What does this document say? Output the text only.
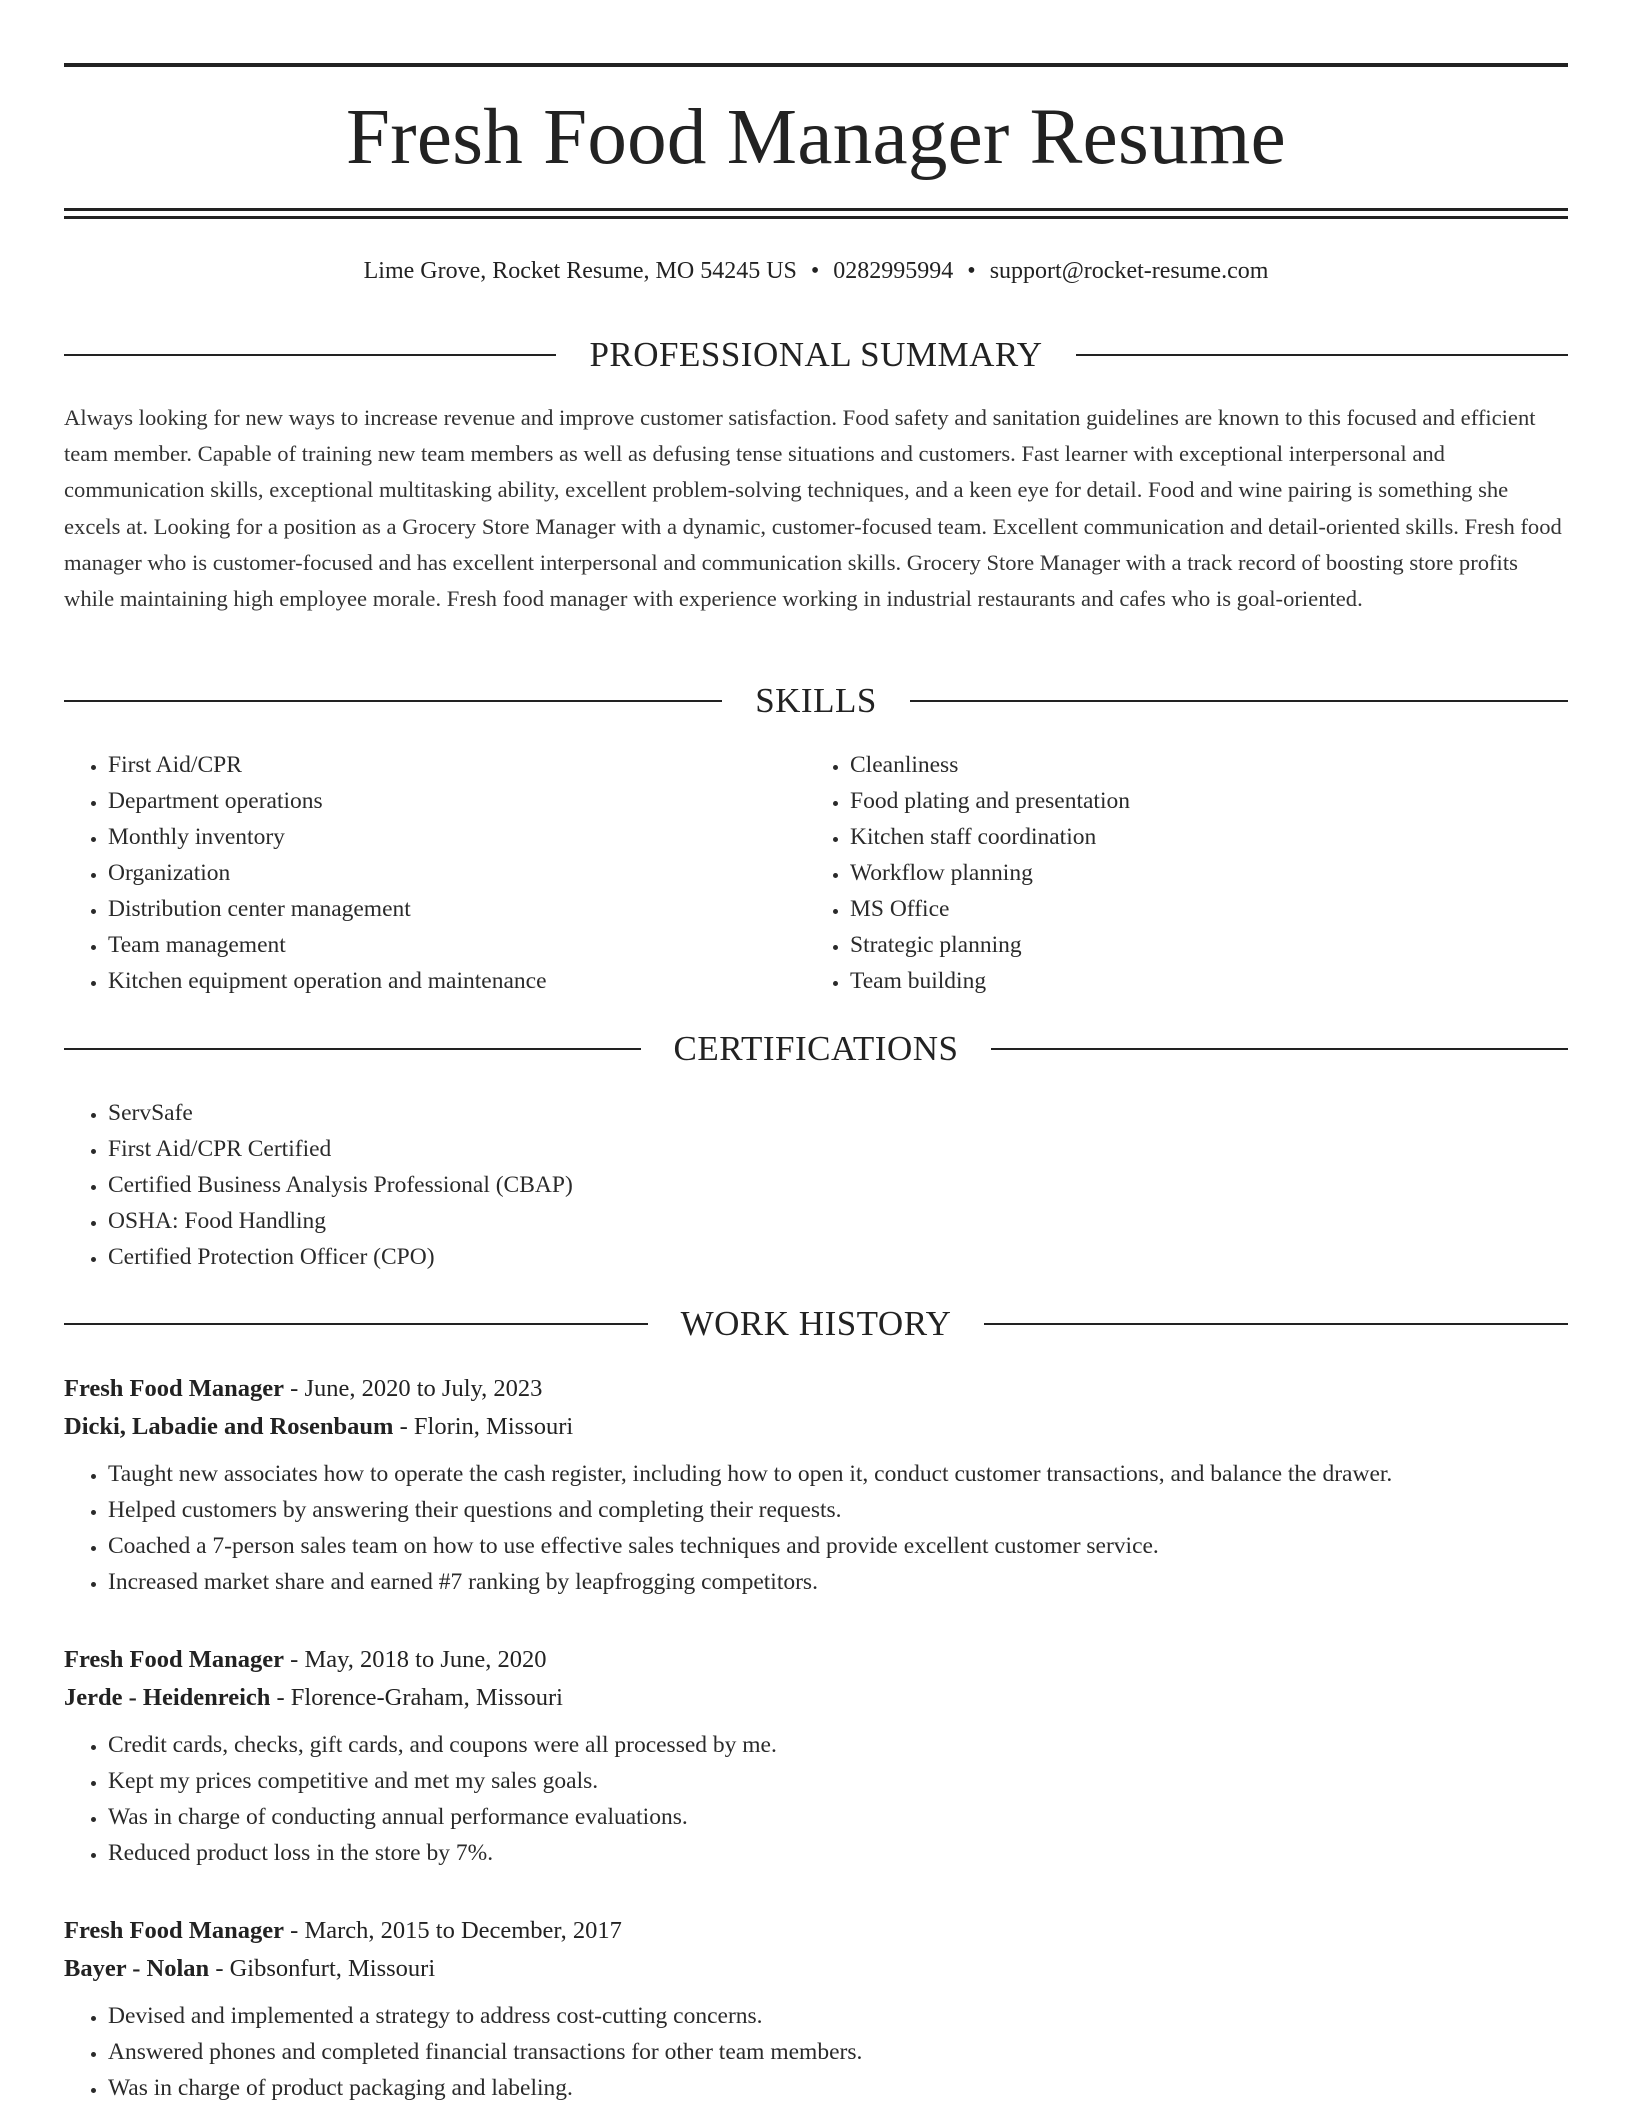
Fresh Food Manager Resume
Lime Grove, Rocket Resume, MO 54245 US • 0282995994 • support@rocket-resume.com
PROFESSIONAL SUMMARY
Always looking for new ways to increase revenue and improve customer satisfaction. Food safety and sanitation guidelines are known to this focused and efficient team member. Capable of training new team members as well as defusing tense situations and customers. Fast learner with exceptional interpersonal and communication skills, exceptional multitasking ability, excellent problem-solving techniques, and a keen eye for detail. Food and wine pairing is something she excels at. Looking for a position as a Grocery Store Manager with a dynamic, customer-focused team. Excellent communication and detail-oriented skills. Fresh food manager who is customer-focused and has excellent interpersonal and communication skills. Grocery Store Manager with a track record of boosting store profits while maintaining high employee morale. Fresh food manager with experience working in industrial restaurants and cafes who is goal-oriented.
SKILLS
• First Aid/CPR
• Department operations
• Monthly inventory
• Organization
• Distribution center management
• Team management
• Kitchen equipment operation and maintenance
• Cleanliness
• Food plating and presentation
• Kitchen staff coordination
• Workflow planning
• MS Office
• Strategic planning
• Team building
CERTIFICATIONS
• ServSafe
• First Aid/CPR Certified
• Certified Business Analysis Professional (CBAP)
• OSHA: Food Handling
• Certified Protection Officer (CPO)
WORK HISTORY
Fresh Food Manager - June, 2020 to July, 2023
Dicki, Labadie and Rosenbaum - Florin, Missouri
• Taught new associates how to operate the cash register, including how to open it, conduct customer transactions, and balance the drawer.
• Helped customers by answering their questions and completing their requests.
• Coached a 7-person sales team on how to use effective sales techniques and provide excellent customer service.
• Increased market share and earned #7 ranking by leapfrogging competitors.
Fresh Food Manager - May, 2018 to June, 2020
Jerde - Heidenreich - Florence-Graham, Missouri
• Credit cards, checks, gift cards, and coupons were all processed by me.
• Kept my prices competitive and met my sales goals.
• Was in charge of conducting annual performance evaluations.
• Reduced product loss in the store by 7%.
Fresh Food Manager - March, 2015 to December, 2017
Bayer - Nolan - Gibsonfurt, Missouri
• Devised and implemented a strategy to address cost-cutting concerns.
• Answered phones and completed financial transactions for other team members.
• Was in charge of product packaging and labeling.
